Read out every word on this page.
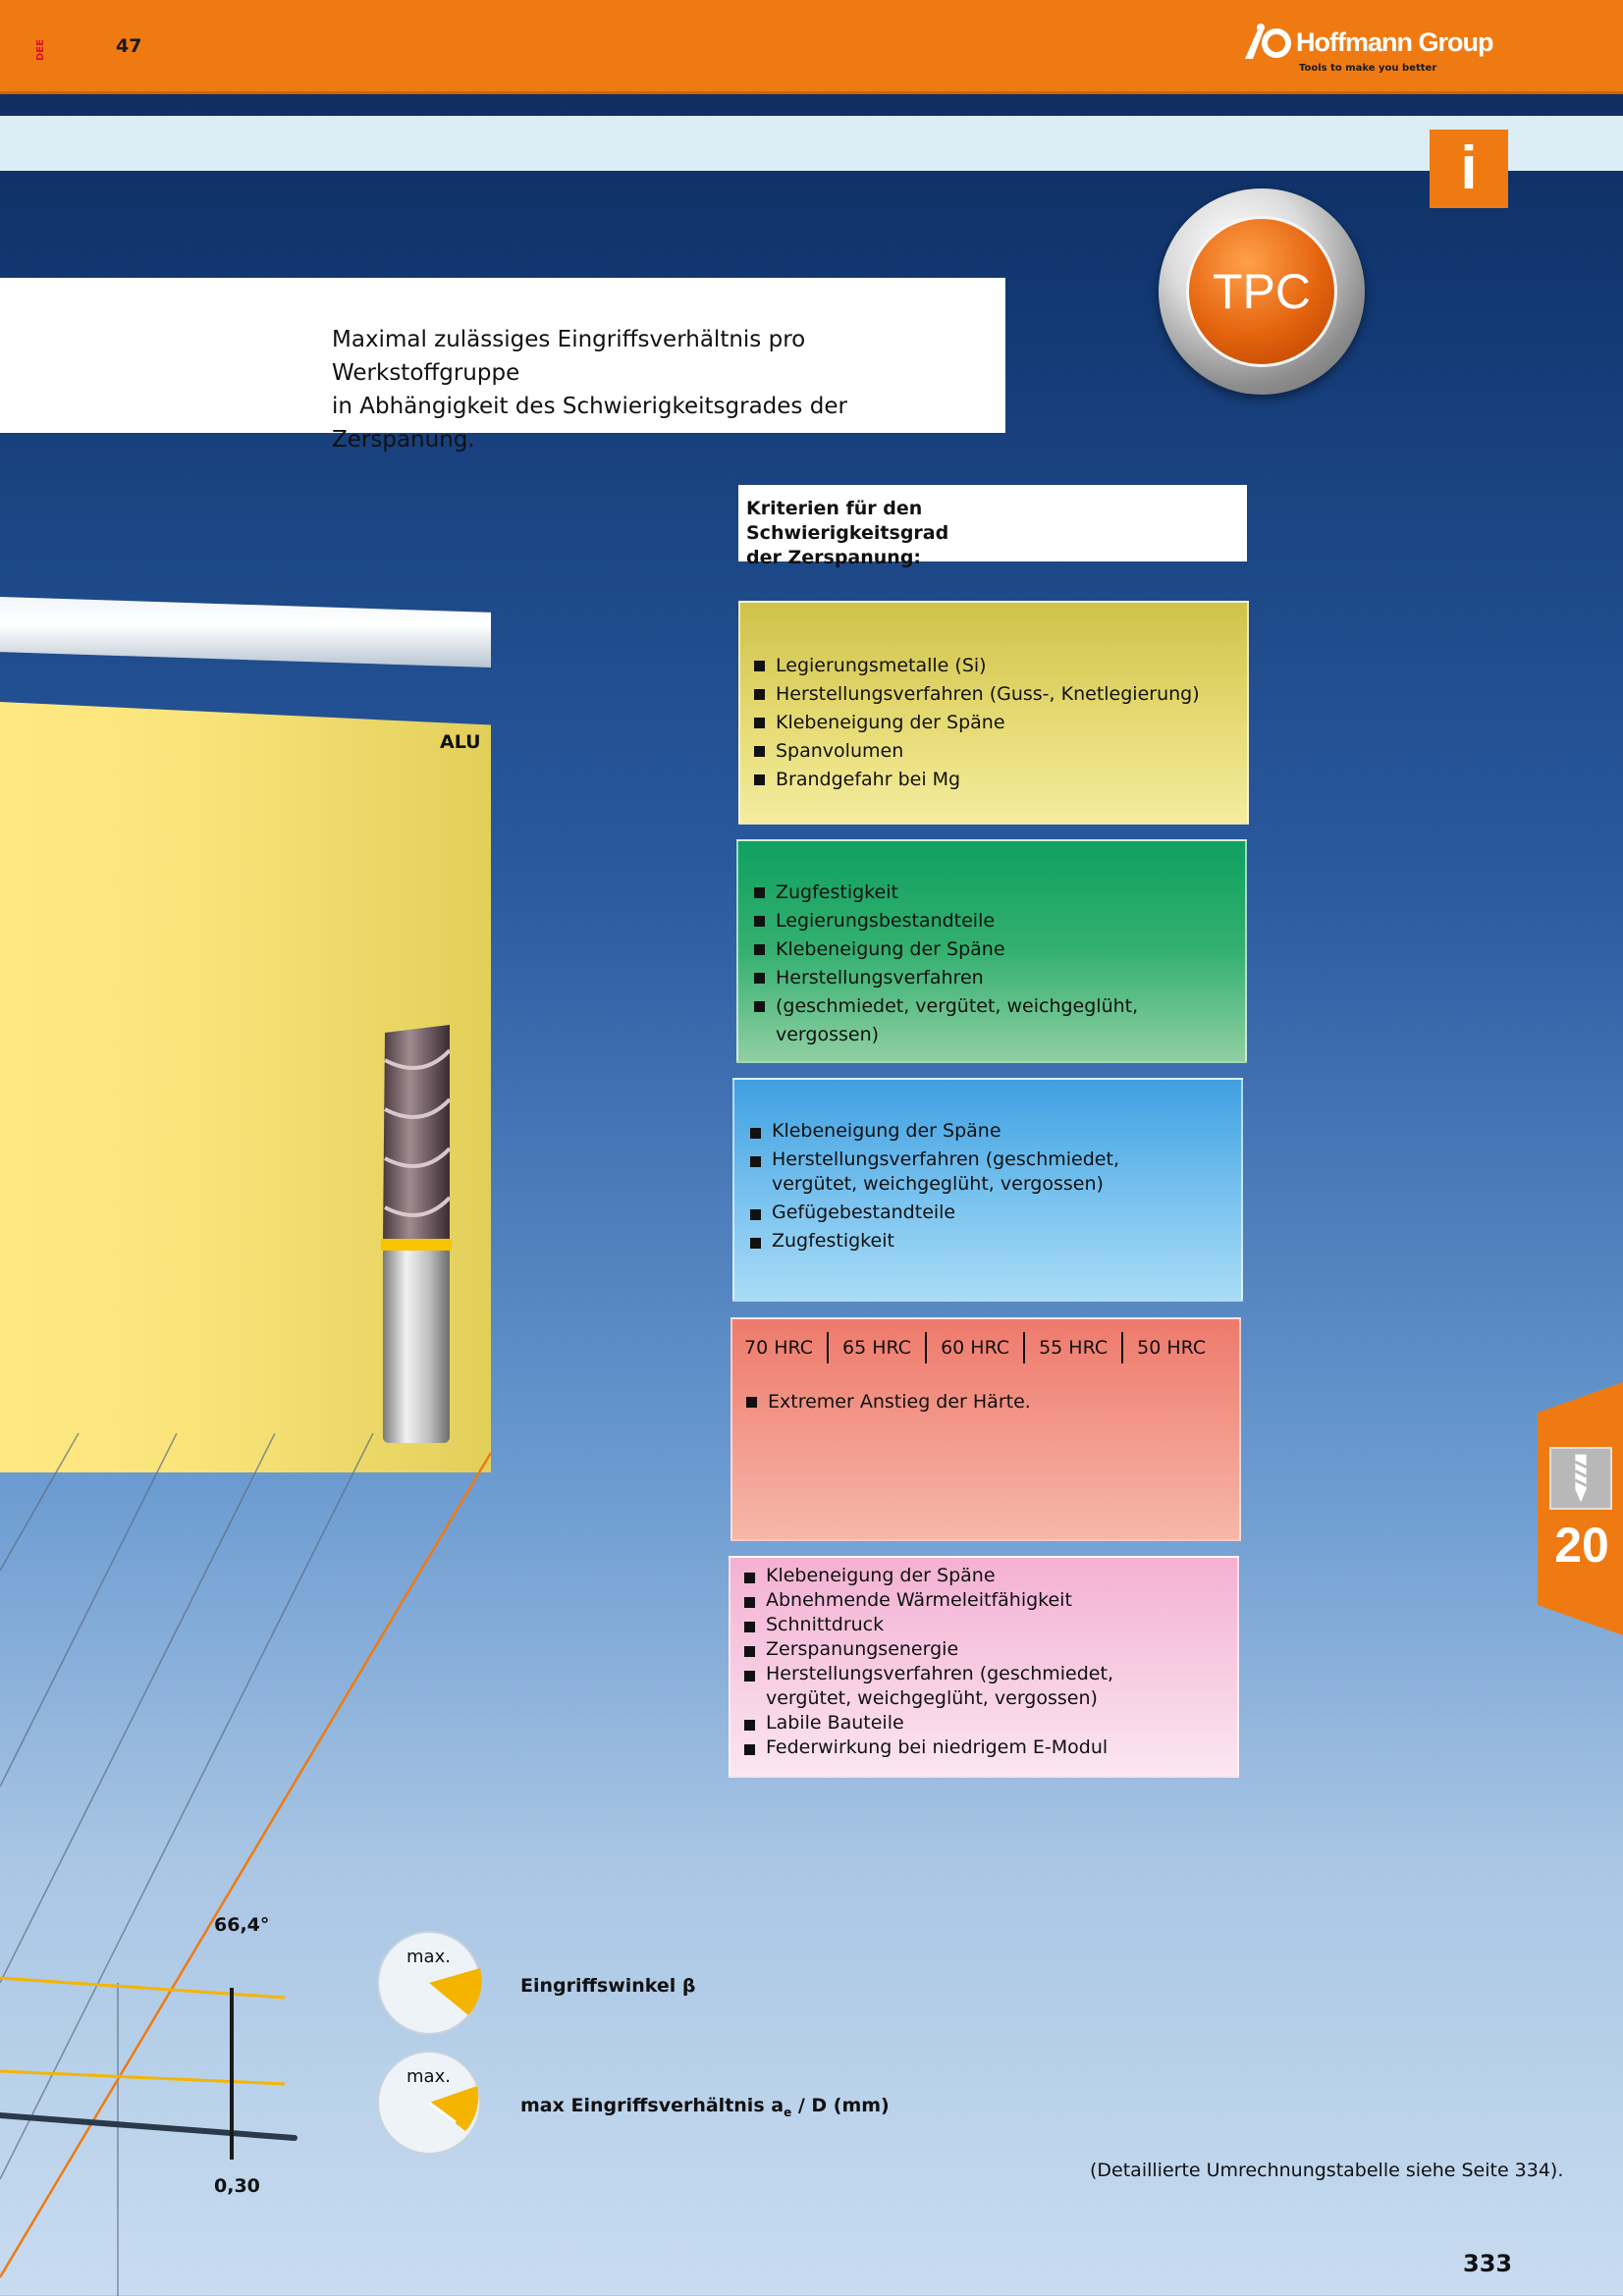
DEE	47	Hoffmann Group
Tools to make you better
i
TPC
Maximal zulässiges Eingriffsverhältnis pro Werkstoffgruppe
in Abhängigkeit des Schwierigkeitsgrades der Zerspanung.
ALU
66,4°
0,30
Kriterien für den Schwierigkeitsgrad
der Zerspanung:
Legierungsmetalle (Si)
Herstellungsverfahren (Guss-, Knetlegierung)
Klebeneigung der Späne
Spanvolumen
Brandgefahr bei Mg
Zugfestigkeit
Legierungsbestandteile
Klebeneigung der Späne
Herstellungsverfahren
(geschmiedet, vergütet, weichgeglüht, vergossen)
Klebeneigung der Späne
Herstellungsverfahren (geschmiedet,
vergütet, weichgeglüht, vergossen)
Gefügebestandteile
Zugfestigkeit
70 HRC	65 HRC	60 HRC	55 HRC	50 HRC
Extremer Anstieg der Härte.
Klebeneigung der Späne
Abnehmende Wärmeleitfähigkeit
Schnittdruck
Zerspanungsenergie
Herstellungsverfahren (geschmiedet,
vergütet, weichgeglüht, vergossen)
Labile Bauteile
Federwirkung bei niedrigem E-Modul
max.
Eingriffswinkel β
max.
max Eingriffsverhältnis $a_e$ / D (mm)
(Detaillierte Umrechnungstabelle siehe Seite 334).
333
20
